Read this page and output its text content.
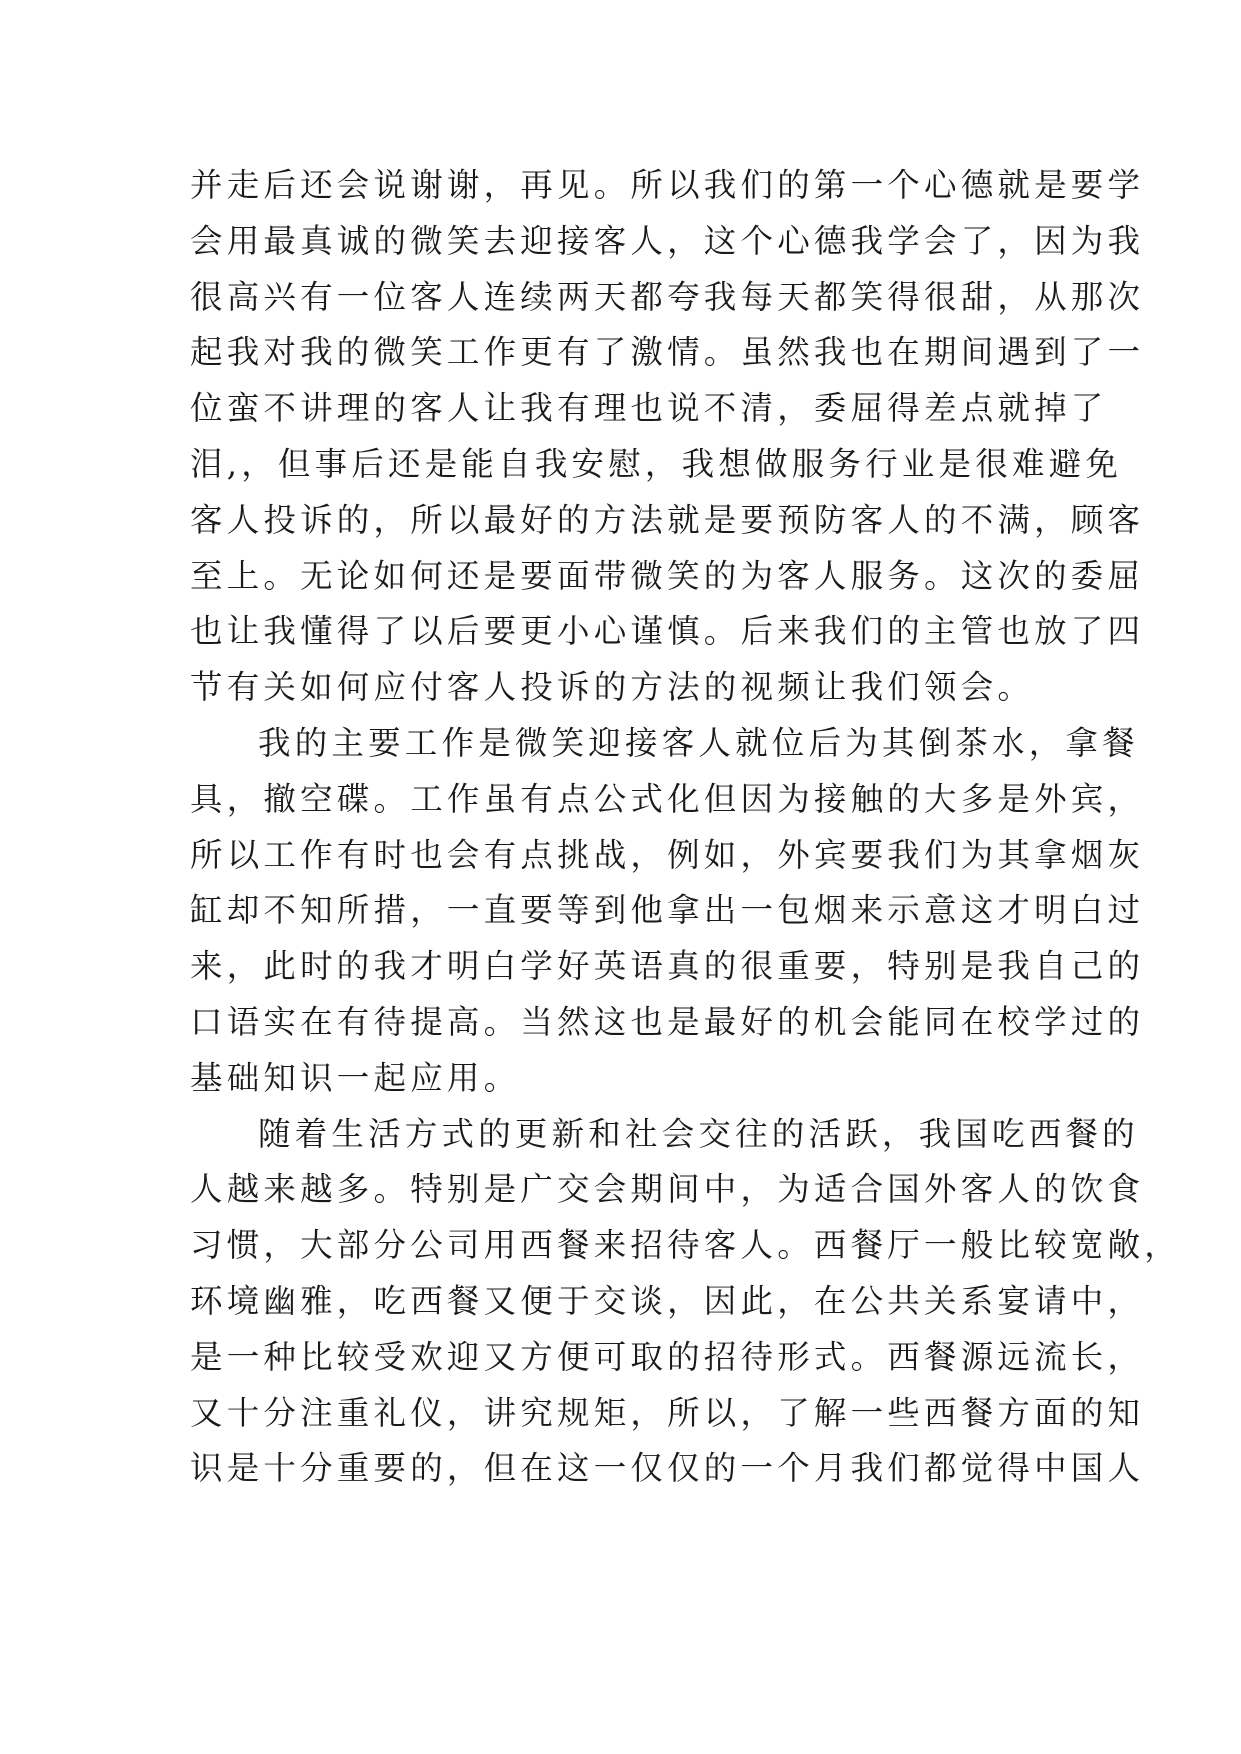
并走后还会说谢谢，再见。所以我们的第一个心德就是要学
会用最真诚的微笑去迎接客人，这个心德我学会了，因为我
很高兴有一位客人连续两天都夸我每天都笑得很甜，从那次
起我对我的微笑工作更有了激情。虽然我也在期间遇到了一
位蛮不讲理的客人让我有理也说不清，委屈得差点就掉了
泪,，但事后还是能自我安慰，我想做服务行业是很难避免
客人投诉的，所以最好的方法就是要预防客人的不满，顾客
至上。无论如何还是要面带微笑的为客人服务。这次的委屈
也让我懂得了以后要更小心谨慎。后来我们的主管也放了四
节有关如何应付客人投诉的方法的视频让我们领会。
我的主要工作是微笑迎接客人就位后为其倒茶水，拿餐
具，撤空碟。工作虽有点公式化但因为接触的大多是外宾，
所以工作有时也会有点挑战，例如，外宾要我们为其拿烟灰
缸却不知所措，一直要等到他拿出一包烟来示意这才明白过
来，此时的我才明白学好英语真的很重要，特别是我自己的
口语实在有待提高。当然这也是最好的机会能同在校学过的
基础知识一起应用。
随着生活方式的更新和社会交往的活跃，我国吃西餐的
人越来越多。特别是广交会期间中，为适合国外客人的饮食
习惯，大部分公司用西餐来招待客人。西餐厅一般比较宽敞，
环境幽雅，吃西餐又便于交谈，因此，在公共关系宴请中，
是一种比较受欢迎又方便可取的招待形式。西餐源远流长，
又十分注重礼仪，讲究规矩，所以，了解一些西餐方面的知
识是十分重要的，但在这一仅仅的一个月我们都觉得中国人
